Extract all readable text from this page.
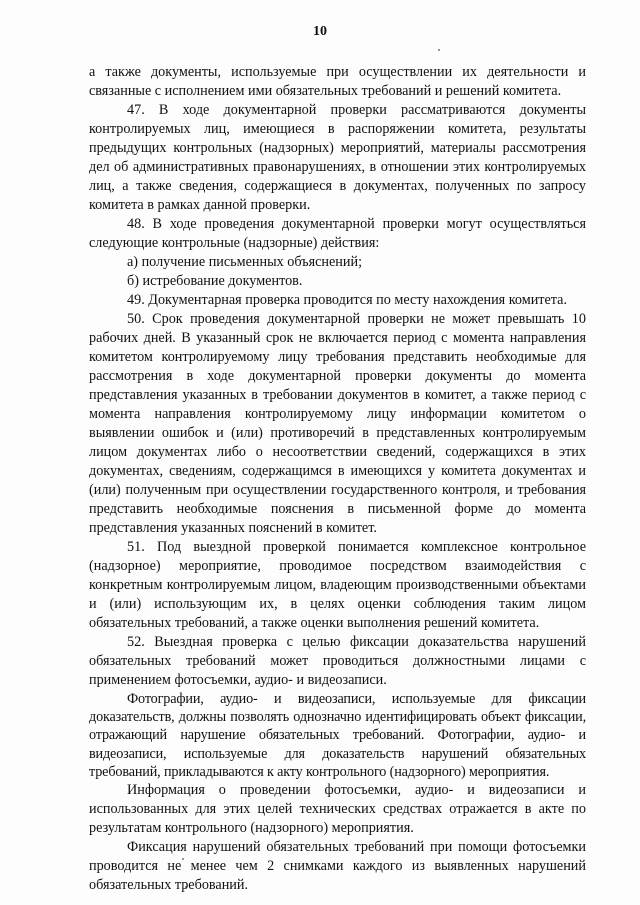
10

а также документы, используемые при осуществлении их деятельности и связанные с исполнением ими обязательных требований и решений комитета.

47. В ходе документарной проверки рассматриваются документы контролируемых лиц, имеющиеся в распоряжении комитета, результаты предыдущих контрольных (надзорных) мероприятий, материалы рассмотрения дел об административных правонарушениях, в отношении этих контролируемых лиц, а также сведения, содержащиеся в документах, полученных по запросу комитета в рамках данной проверки.

48. В ходе проведения документарной проверки могут осуществляться следующие контрольные (надзорные) действия:

а) получение письменных объяснений;

б) истребование документов.

49. Документарная проверка проводится по месту нахождения комитета.

50. Срок проведения документарной проверки не может превышать 10 рабочих дней. В указанный срок не включается период с момента направления комитетом контролируемому лицу требования представить необходимые для рассмотрения в ходе документарной проверки документы до момента представления указанных в требовании документов в комитет, а также период с момента направления контролируемому лицу информации комитетом о выявлении ошибок и (или) противоречий в представленных контролируемым лицом документах либо о несоответствии сведений, содержащихся в этих документах, сведениям, содержащимся в имеющихся у комитета документах и (или) полученным при осуществлении государственного контроля, и требования представить необходимые пояснения в письменной форме до момента представления указанных пояснений в комитет.

51. Под выездной проверкой понимается комплексное контрольное (надзорное) мероприятие, проводимое посредством взаимодействия с конкретным контролируемым лицом, владеющим производственными объектами и (или) использующим их, в целях оценки соблюдения таким лицом обязательных требований, а также оценки выполнения решений комитета.

52. Выездная проверка с целью фиксации доказательства нарушений обязательных требований может проводиться должностными лицами с применением фотосъемки, аудио- и видеозаписи.

Фотографии, аудио- и видеозаписи, используемые для фиксации доказательств, должны позволять однозначно идентифицировать объект фиксации, отражающий нарушение обязательных требований. Фотографии, аудио- и видеозаписи, используемые для доказательств нарушений обязательных требований, прикладываются к акту контрольного (надзорного) мероприятия.

Информация о проведении фотосъемки, аудио- и видеозаписи и использованных для этих целей технических средствах отражается в акте по результатам контрольного (надзорного) мероприятия.

Фиксация нарушений обязательных требований при помощи фотосъемки проводится не менее чем 2 снимками каждого из выявленных нарушений обязательных требований.
